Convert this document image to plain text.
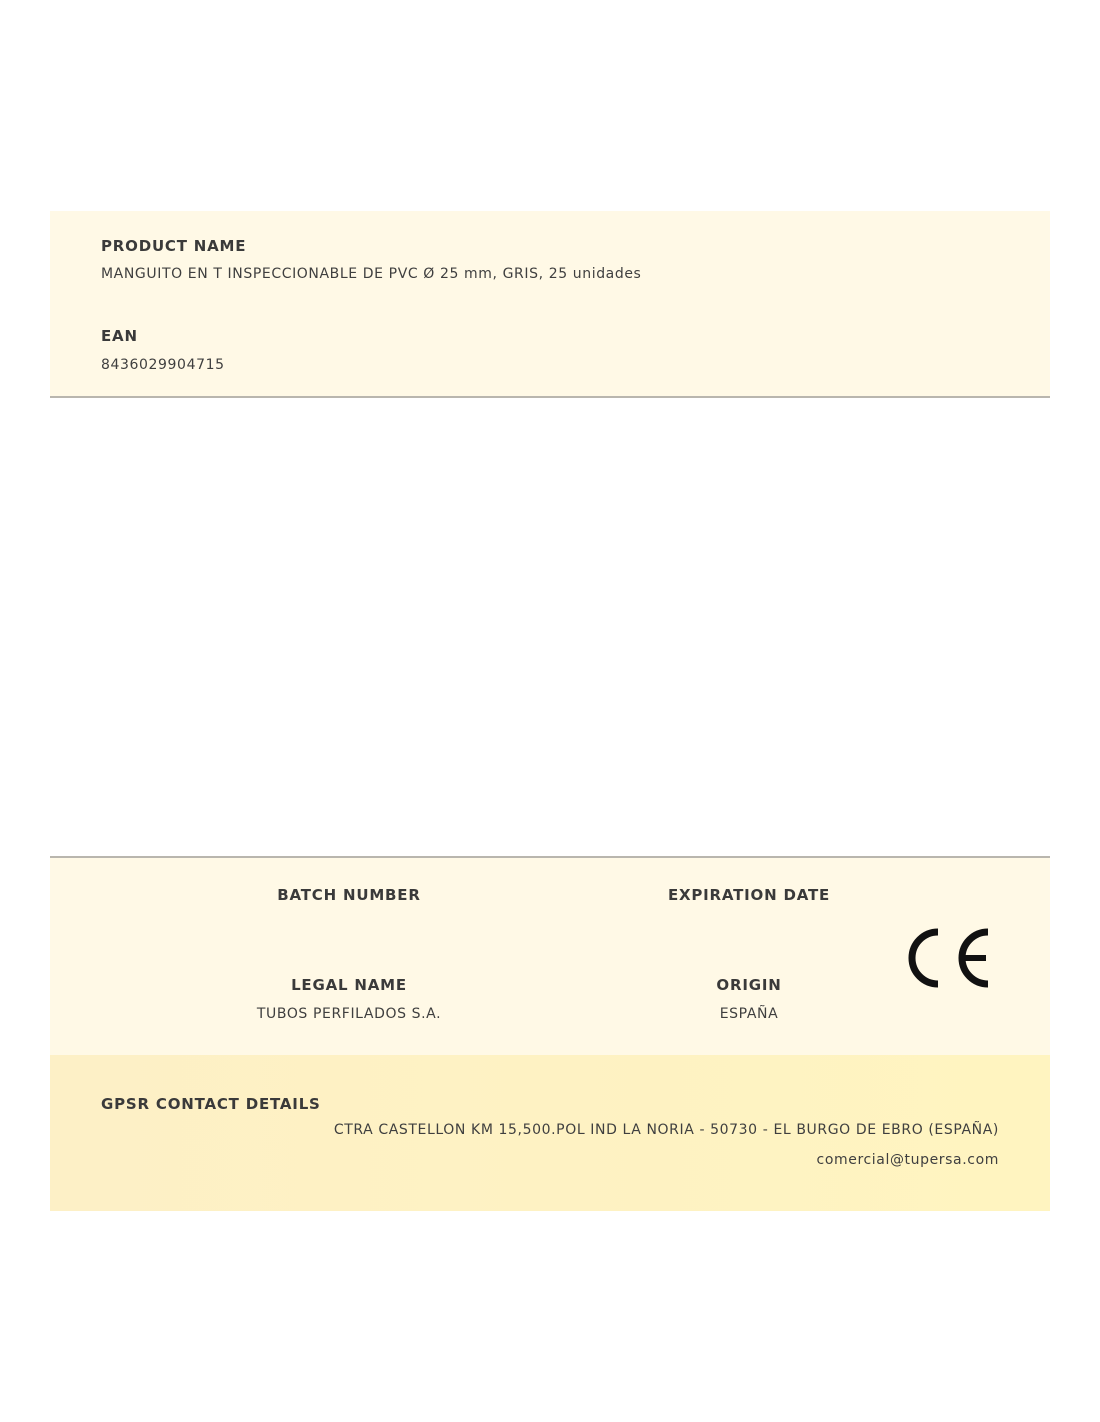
PRODUCT NAME
MANGUITO EN T INSPECCIONABLE DE PVC Ø 25 mm, GRIS, 25 unidades
EAN
8436029904715
BATCH NUMBER	EXPIRATION DATE
LEGAL NAME
TUBOS PERFILADOS S.A.
ORIGIN
ESPAÑA
GPSR CONTACT DETAILS
CTRA CASTELLON KM 15,500.POL IND LA NORIA - 50730 - EL BURGO DE EBRO (ESPAÑA)
comercial@tupersa.com
